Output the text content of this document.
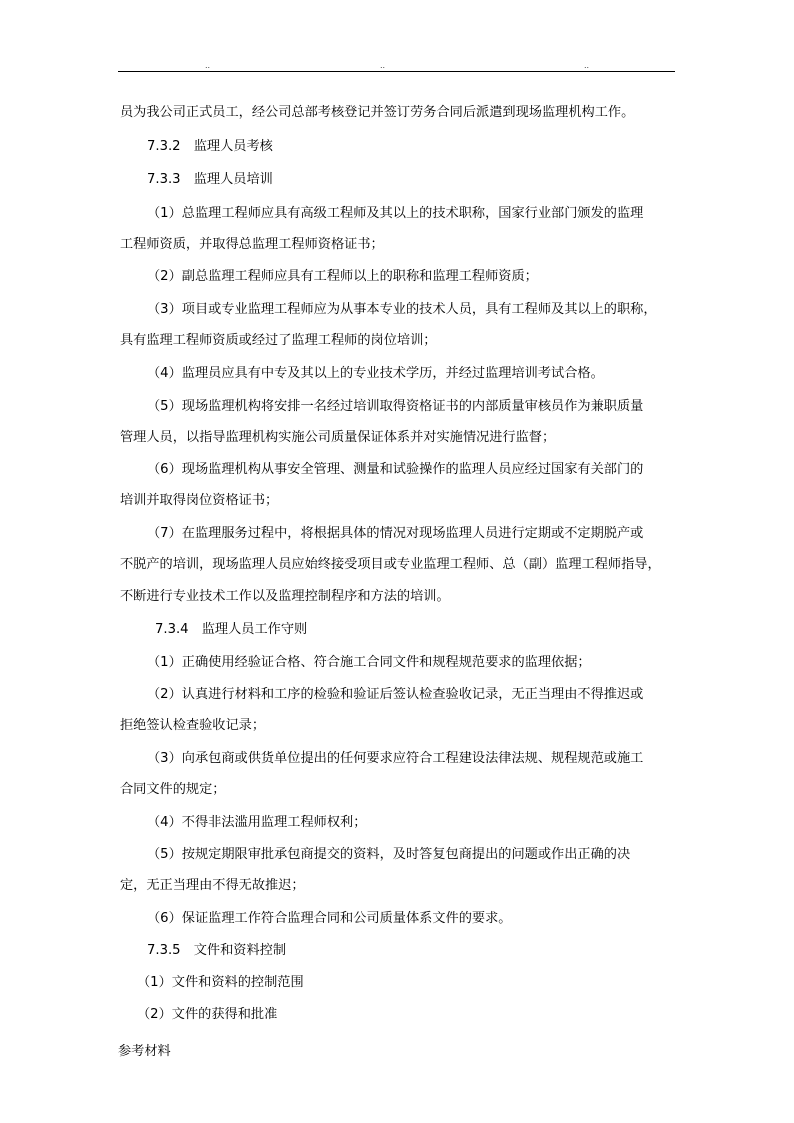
..	..	..
员为我公司正式员工，经公司总部考核登记并签订劳务合同后派遣到现场监理机构工作。
7.3.2　监理人员考核
7.3.3　监理人员培训
（1）总监理工程师应具有高级工程师及其以上的技术职称，国家行业部门颁发的监理
工程师资质，并取得总监理工程师资格证书；
（2）副总监理工程师应具有工程师以上的职称和监理工程师资质；
（3）项目或专业监理工程师应为从事本专业的技术人员，具有工程师及其以上的职称，
具有监理工程师资质或经过了监理工程师的岗位培训；
（4）监理员应具有中专及其以上的专业技术学历，并经过监理培训考试合格。
（5）现场监理机构将安排一名经过培训取得资格证书的内部质量审核员作为兼职质量
管理人员，以指导监理机构实施公司质量保证体系并对实施情况进行监督；
（6）现场监理机构从事安全管理、测量和试验操作的监理人员应经过国家有关部门的
培训并取得岗位资格证书；
（7）在监理服务过程中，将根据具体的情况对现场监理人员进行定期或不定期脱产或
不脱产的培训，现场监理人员应始终接受项目或专业监理工程师、总（副）监理工程师指导，
不断进行专业技术工作以及监理控制程序和方法的培训。
7.3.4　监理人员工作守则
（1）正确使用经验证合格、符合施工合同文件和规程规范要求的监理依据；
（2）认真进行材料和工序的检验和验证后签认检查验收记录，无正当理由不得推迟或
拒绝签认检查验收记录；
（3）向承包商或供货单位提出的任何要求应符合工程建设法律法规、规程规范或施工
合同文件的规定；
（4）不得非法滥用监理工程师权利；
（5）按规定期限审批承包商提交的资料，及时答复包商提出的问题或作出正确的决
定，无正当理由不得无故推迟；
（6）保证监理工作符合监理合同和公司质量体系文件的要求。
7.3.5　文件和资料控制
（1）文件和资料的控制范围
（2）文件的获得和批准
参考材料
